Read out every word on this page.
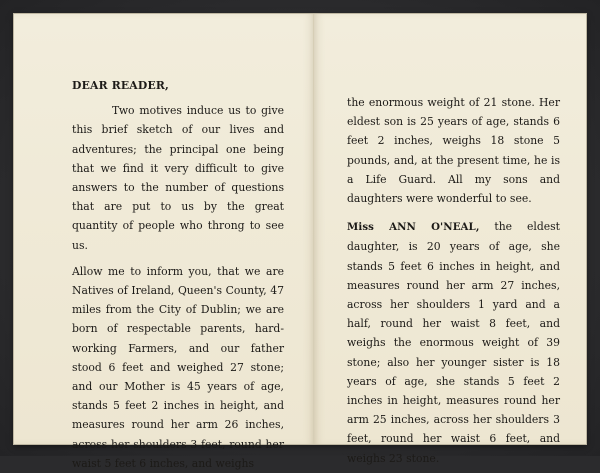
DEAR READER,

Two motives induce us to give this brief sketch of our lives and adventures; the principal one being that we find it very difficult to give answers to the number of questions that are put to us by the great quantity of people who throng to see us.

Allow me to inform you, that we are Natives of Ireland, Queen's County, 47 miles from the City of Dublin; we are born of respectable parents, hard-working Farmers, and our father stood 6 feet and weighed 27 stone; and our Mother is 45 years of age, stands 5 feet 2 inches in height, and measures round her arm 26 inches, across her shoulders 3 feet, round her waist 5 feet 6 inches, and weighs

the enormous weight of 21 stone. Her eldest son is 25 years of age, stands 6 feet 2 inches, weighs 18 stone 5 pounds, and, at the present time, he is a Life Guard. All my sons and daughters were wonderful to see.

Miss ANN O'NEAL, the eldest daughter, is 20 years of age, she stands 5 feet 6 inches in height, and measures round her arm 27 inches, across her shoulders 1 yard and a half, round her waist 8 feet, and weighs the enormous weight of 39 stone; also her younger sister is 18 years of age, she stands 5 feet 2 inches in height, measures round her arm 25 inches, across her shoulders 3 feet, round her waist 6 feet, and weighs 23 stone.
